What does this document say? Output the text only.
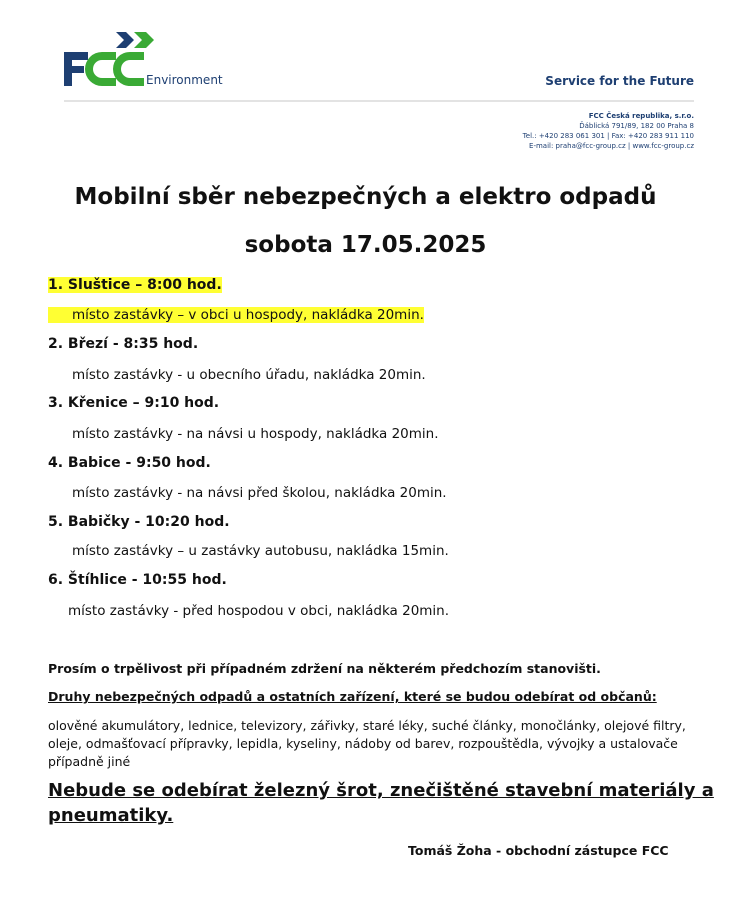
Environment	Service for the Future
FCC Česká republika, s.r.o.
Ďáblická 791/89, 182 00 Praha 8
Tel.: +420 283 061 301 | Fax: +420 283 911 110
E-mail: praha@fcc-group.cz | www.fcc-group.cz
Mobilní sběr nebezpečných a elektro odpadů
sobota 17.05.2025
1. Sluštice – 8:00 hod.
místo zastávky – v obci u hospody, nakládka 20min.
2. Březí - 8:35 hod.
místo zastávky - u obecního úřadu, nakládka 20min.
3. Křenice – 9:10 hod.
místo zastávky - na návsi u hospody, nakládka 20min.
4. Babice - 9:50 hod.
místo zastávky - na návsi před školou, nakládka 20min.
5. Babičky - 10:20 hod.
místo zastávky – u zastávky autobusu, nakládka 15min.
6. Štíhlice - 10:55 hod.
místo zastávky - před hospodou v obci, nakládka 20min.
Prosím o trpělivost při případném zdržení na některém předchozím stanovišti.
Druhy nebezpečných odpadů a ostatních zařízení, které se budou odebírat od občanů:
olověné akumulátory, lednice, televizory, zářivky, staré léky, suché články, monočlánky, olejové filtry, oleje, odmašťovací přípravky, lepidla, kyseliny, nádoby od barev, rozpouštědla, vývojky a ustalovače případně jiné
Nebude se odebírat železný šrot, znečištěné stavební materiály a pneumatiky.
Tomáš Žoha - obchodní zástupce FCC
